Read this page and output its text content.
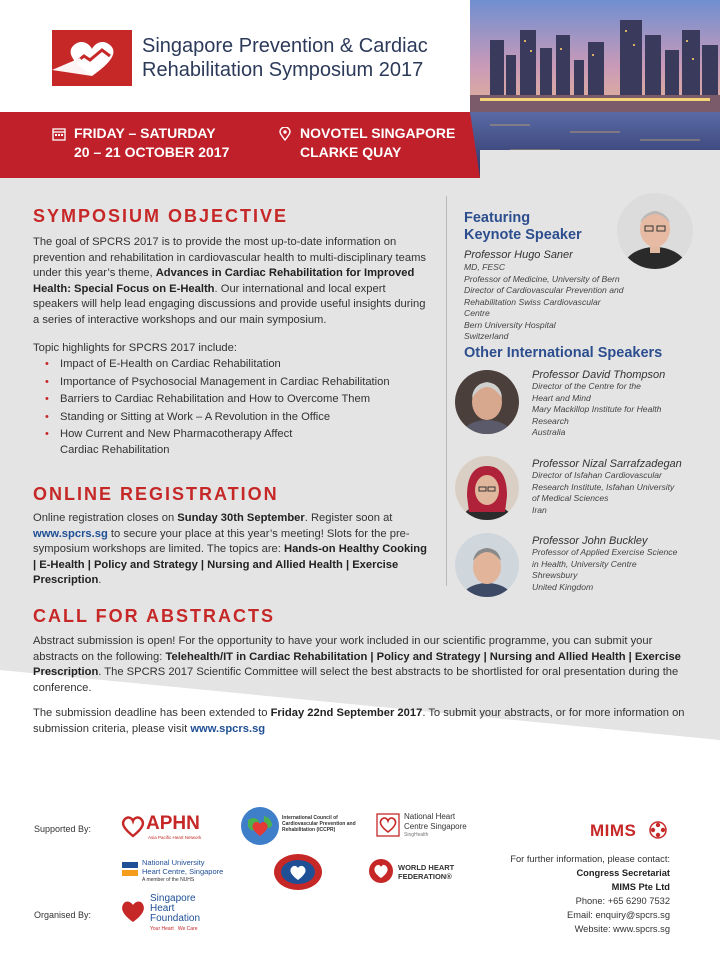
Singapore Prevention & Cardiac
Rehabilitation Symposium 2017
FRIDAY – SATURDAY
20 – 21 OCTOBER 2017
NOVOTEL SINGAPORE
CLARKE QUAY
SYMPOSIUM OBJECTIVE

The goal of SPCRS 2017 is to provide the most up-to-date information on prevention and rehabilitation in cardiovascular health to multi-disciplinary teams under this year’s theme, Advances in Cardiac Rehabilitation for Improved Health: Special Focus on E-Health. Our international and local expert speakers will help lead engaging discussions and provide useful insights during a series of interactive workshops and our main symposium.

Topic highlights for SPCRS 2017 include:

• Impact of E-Health on Cardiac Rehabilitation
• Importance of Psychosocial Management in Cardiac Rehabilitation
• Barriers to Cardiac Rehabilitation and How to Overcome Them
• Standing or Sitting at Work – A Revolution in the Office
• How Current and New Pharmacotherapy Affect Cardiac Rehabilitation
ONLINE REGISTRATION

Online registration closes on Sunday 30th September. Register soon at www.spcrs.sg to secure your place at this year’s meeting! Slots for the pre-symposium workshops are limited. The topics are: Hands-on Healthy Cooking | E-Health | Policy and Strategy | Nursing and Allied Health | Exercise Prescription.

CALL FOR ABSTRACTS

Abstract submission is open! For the opportunity to have your work included in our scientific programme, you can submit your abstracts on the following: Telehealth/IT in Cardiac Rehabilitation | Policy and Strategy | Nursing and Allied Health | Exercise Prescription. The SPCRS 2017 Scientific Committee will select the best abstracts to be shortlisted for oral presentation during the conference.

The submission deadline has been extended to Friday 22nd September 2017. To submit your abstracts, or for more information on submission criteria, please visit www.spcrs.sg

Featuring
Keynote Speaker
Professor Hugo Saner
MD, FESC
Professor of Medicine, University of Bern
Director of Cardiovascular Prevention and
Rehabilitation Swiss Cardiovascular Centre
Bern University Hospital
Switzerland
Other International Speakers
Professor David Thompson
Director of the Centre for the
Heart and Mind
Mary Mackillop Institute for Health
Research
Australia
Professor Nizal Sarrafzadegan
Director of Isfahan Cardiovascular
Research Institute, Isfahan University
of Medical Sciences
Iran
Professor John Buckley
Professor of Applied Exercise Science
in Health, University Centre
Shrewsbury
United Kingdom
Supported By:
Organised By:
APHN
Asia Pacific Heart Network
International Council of Cardiovascular Prevention and Rehabilitation (ICCPR)
National Heart
Centre Singapore
SingHealth	MIMS
National University
Heart Centre, Singapore
A member of the NUHS
WORLD HEART
FEDERATION®
Singapore
Heart
Foundation
Your Heart   We Care
For further information, please contact:
Congress Secretariat
MIMS Pte Ltd
Phone: +65 6290 7532
Email: enquiry@spcrs.sg
Website: www.spcrs.sg
